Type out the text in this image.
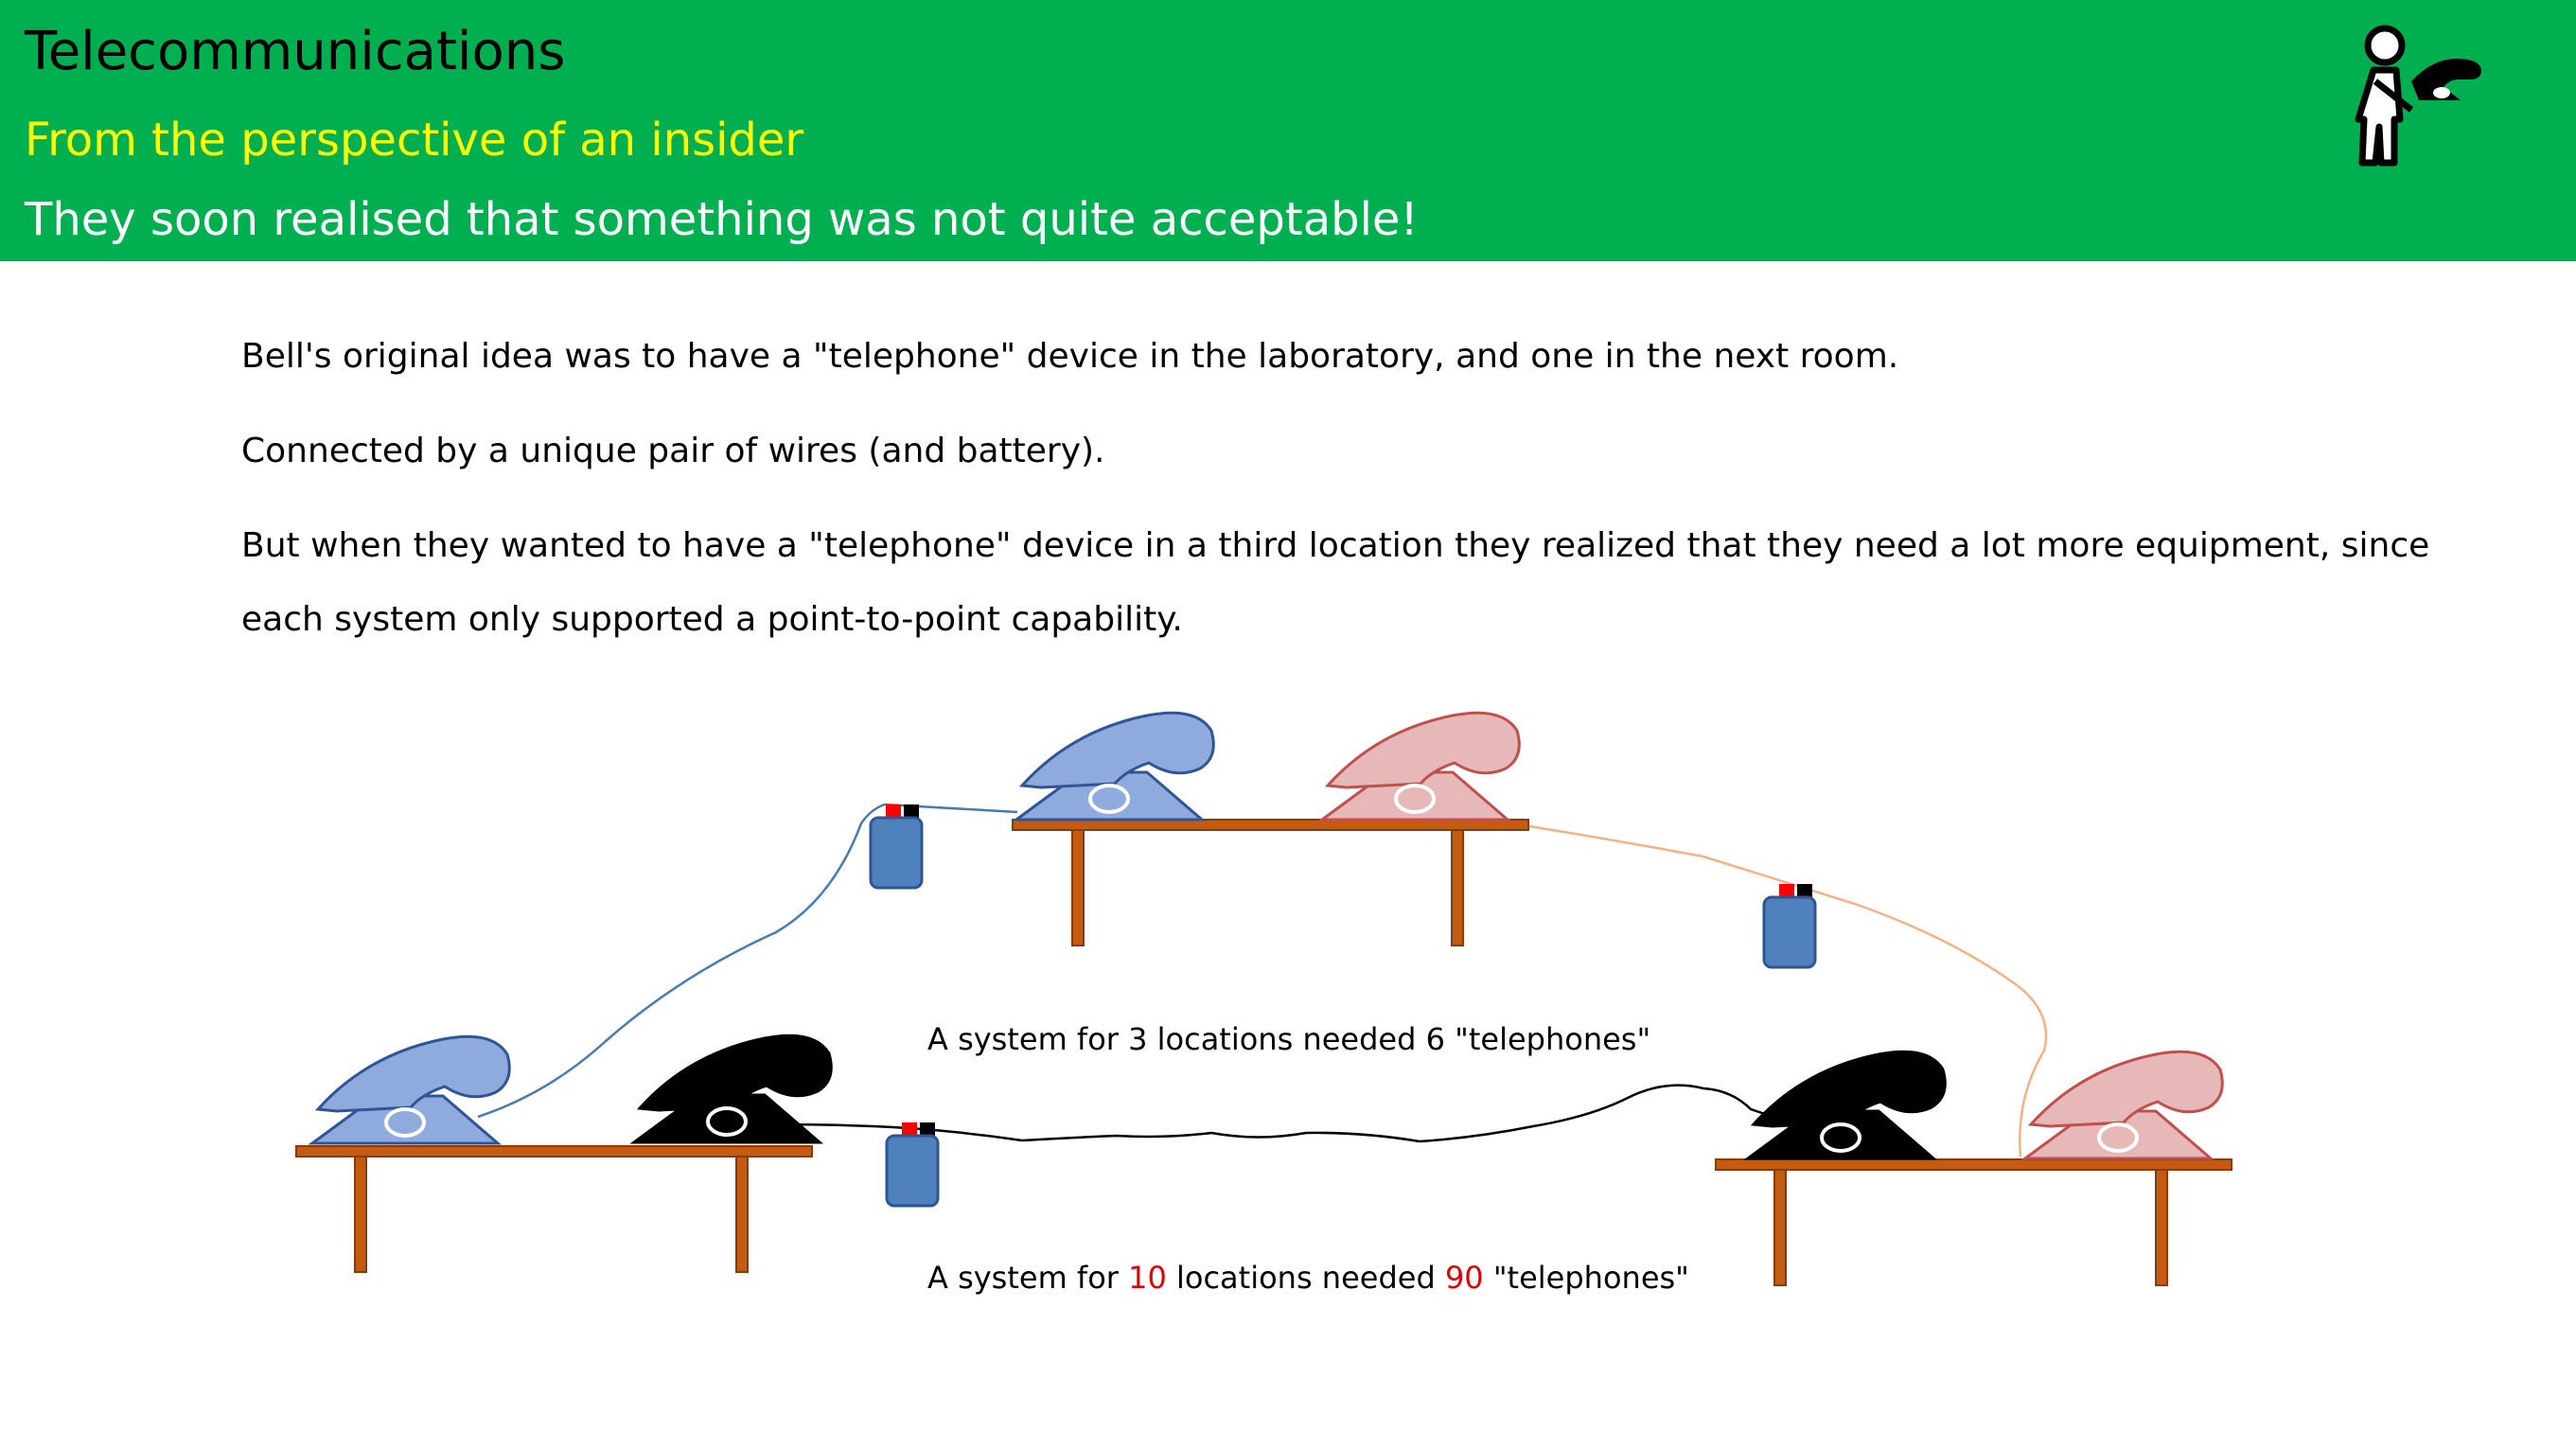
Telecommunications
From the perspective of an insider
They soon realised that something was not quite acceptable!
Bell's original idea was to have a "telephone" device in the laboratory, and one in the next room.
Connected by a unique pair of wires (and battery).
But when they wanted to have a "telephone" device in a third location they realized that they need a lot more equipment, since
each system only supported a point-to-point capability.
A system for 3 locations needed 6 "telephones"
A system for 10 locations needed 90 "telephones"
